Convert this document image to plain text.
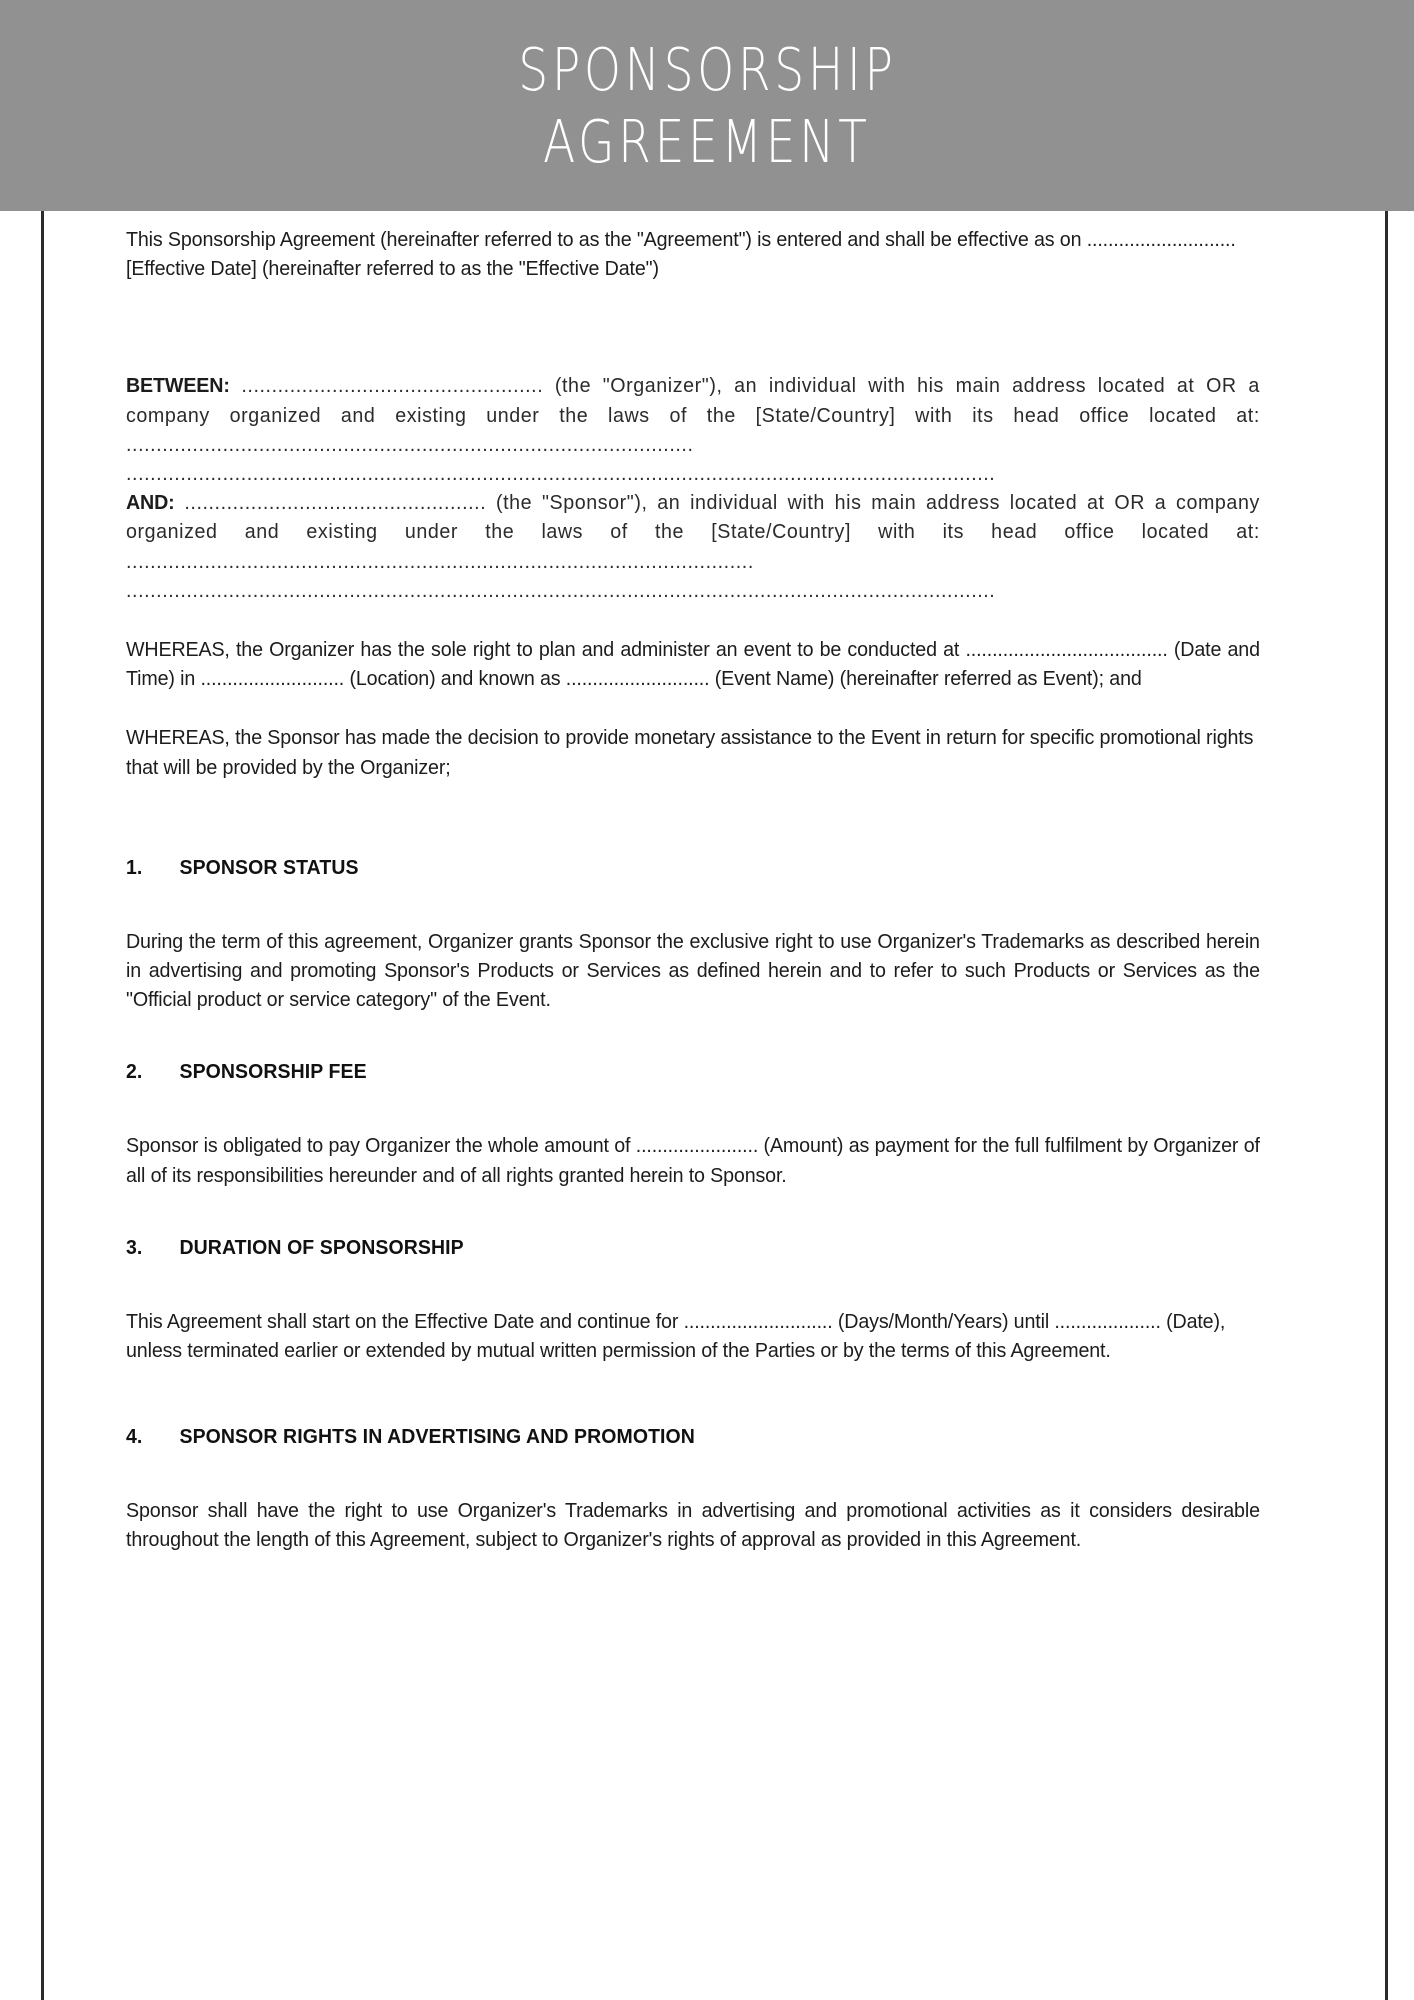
SPONSORSHIP
AGREEMENT

This Sponsorship Agreement (hereinafter referred to as the "Agreement") is entered and shall be effective as on ............................ [Effective Date] (hereinafter referred to as the "Effective Date")

BETWEEN: .................................................. (the "Organizer"), an individual with his main address located at OR a company organized and existing under the laws of the [State/Country] with its head office located at: ..............................................................................................

................................................................................................................................................

AND: .................................................. (the "Sponsor"), an individual with his main address located at OR a company organized and existing under the laws of the [State/Country] with its head office located at: ........................................................................................................

................................................................................................................................................

WHEREAS, the Organizer has the sole right to plan and administer an event to be conducted at ...................................... (Date and Time) in ........................... (Location) and known as ........................... (Event Name) (hereinafter referred as Event); and

WHEREAS, the Sponsor has made the decision to provide monetary assistance to the Event in return for specific promotional rights that will be provided by the Organizer;

1.	SPONSOR STATUS

During the term of this agreement, Organizer grants Sponsor the exclusive right to use Organizer's Trademarks as described herein in advertising and promoting Sponsor's Products or Services as defined herein and to refer to such Products or Services as the "Official product or service category" of the Event.

2.	SPONSORSHIP FEE

Sponsor is obligated to pay Organizer the whole amount of ....................... (Amount) as payment for the full fulfilment by Organizer of all of its responsibilities hereunder and of all rights granted herein to Sponsor.

3.	DURATION OF SPONSORSHIP

This Agreement shall start on the Effective Date and continue for ............................ (Days/Month/Years) until .................... (Date), unless terminated earlier or extended by mutual written permission of the Parties or by the terms of this Agreement.

4.	SPONSOR RIGHTS IN ADVERTISING AND PROMOTION

Sponsor shall have the right to use Organizer's Trademarks in advertising and promotional activities as it considers desirable throughout the length of this Agreement, subject to Organizer's rights of approval as provided in this Agreement.
